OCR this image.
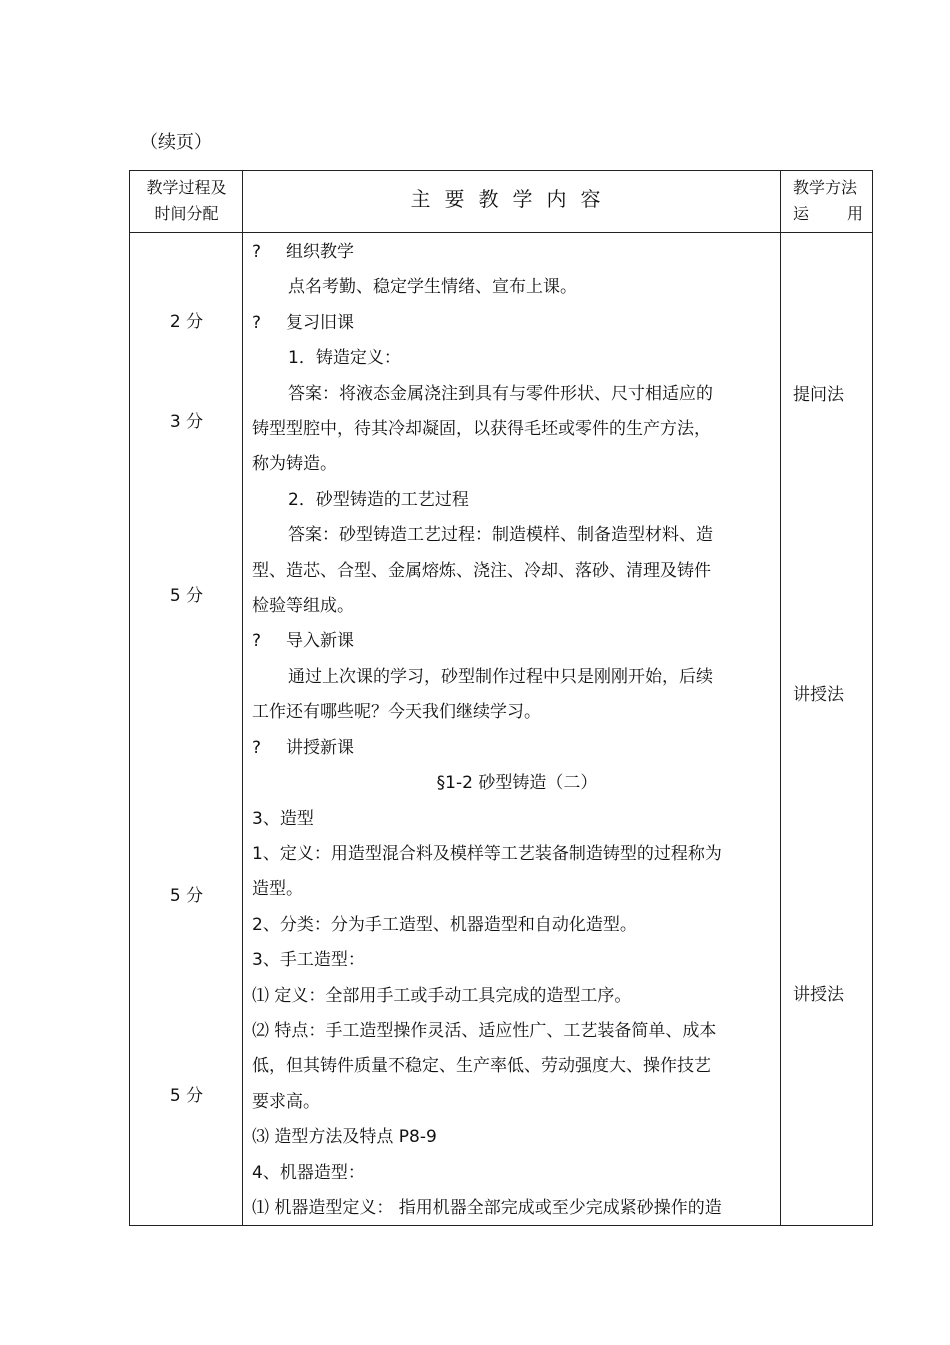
（续页）
教学过程及
时间分配
主要教学内容	教学方法
运 用
2 分
3 分
5 分
5 分
5 分
提问法
讲授法
讲授法

? 组织教学

点名考勤、稳定学生情绪、宣布上课。

? 复习旧课

1．铸造定义：

答案：将液态金属浇注到具有与零件形状、尺寸相适应的

铸型型腔中，待其冷却凝固，以获得毛坯或零件的生产方法，

称为铸造。

2．砂型铸造的工艺过程

答案：砂型铸造工艺过程：制造模样、制备造型材料、造

型、造芯、合型、金属熔炼、浇注、冷却、落砂、清理及铸件

检验等组成。

? 导入新课

通过上次课的学习，砂型制作过程中只是刚刚开始，后续

工作还有哪些呢？今天我们继续学习。

? 讲授新课

§1-2 砂型铸造（二）

3、造型

1、定义：用造型混合料及模样等工艺装备制造铸型的过程称为

造型。

2、分类：分为手工造型、机器造型和自动化造型。

3、手工造型：

⑴ 定义：全部用手工或手动工具完成的造型工序。

⑵ 特点：手工造型操作灵活、适应性广、工艺装备简单、成本

低，但其铸件质量不稳定、生产率低、劳动强度大、操作技艺

要求高。

⑶ 造型方法及特点 P8-9

4、机器造型：

⑴ 机器造型定义： 指用机器全部完成或至少完成紧砂操作的造
